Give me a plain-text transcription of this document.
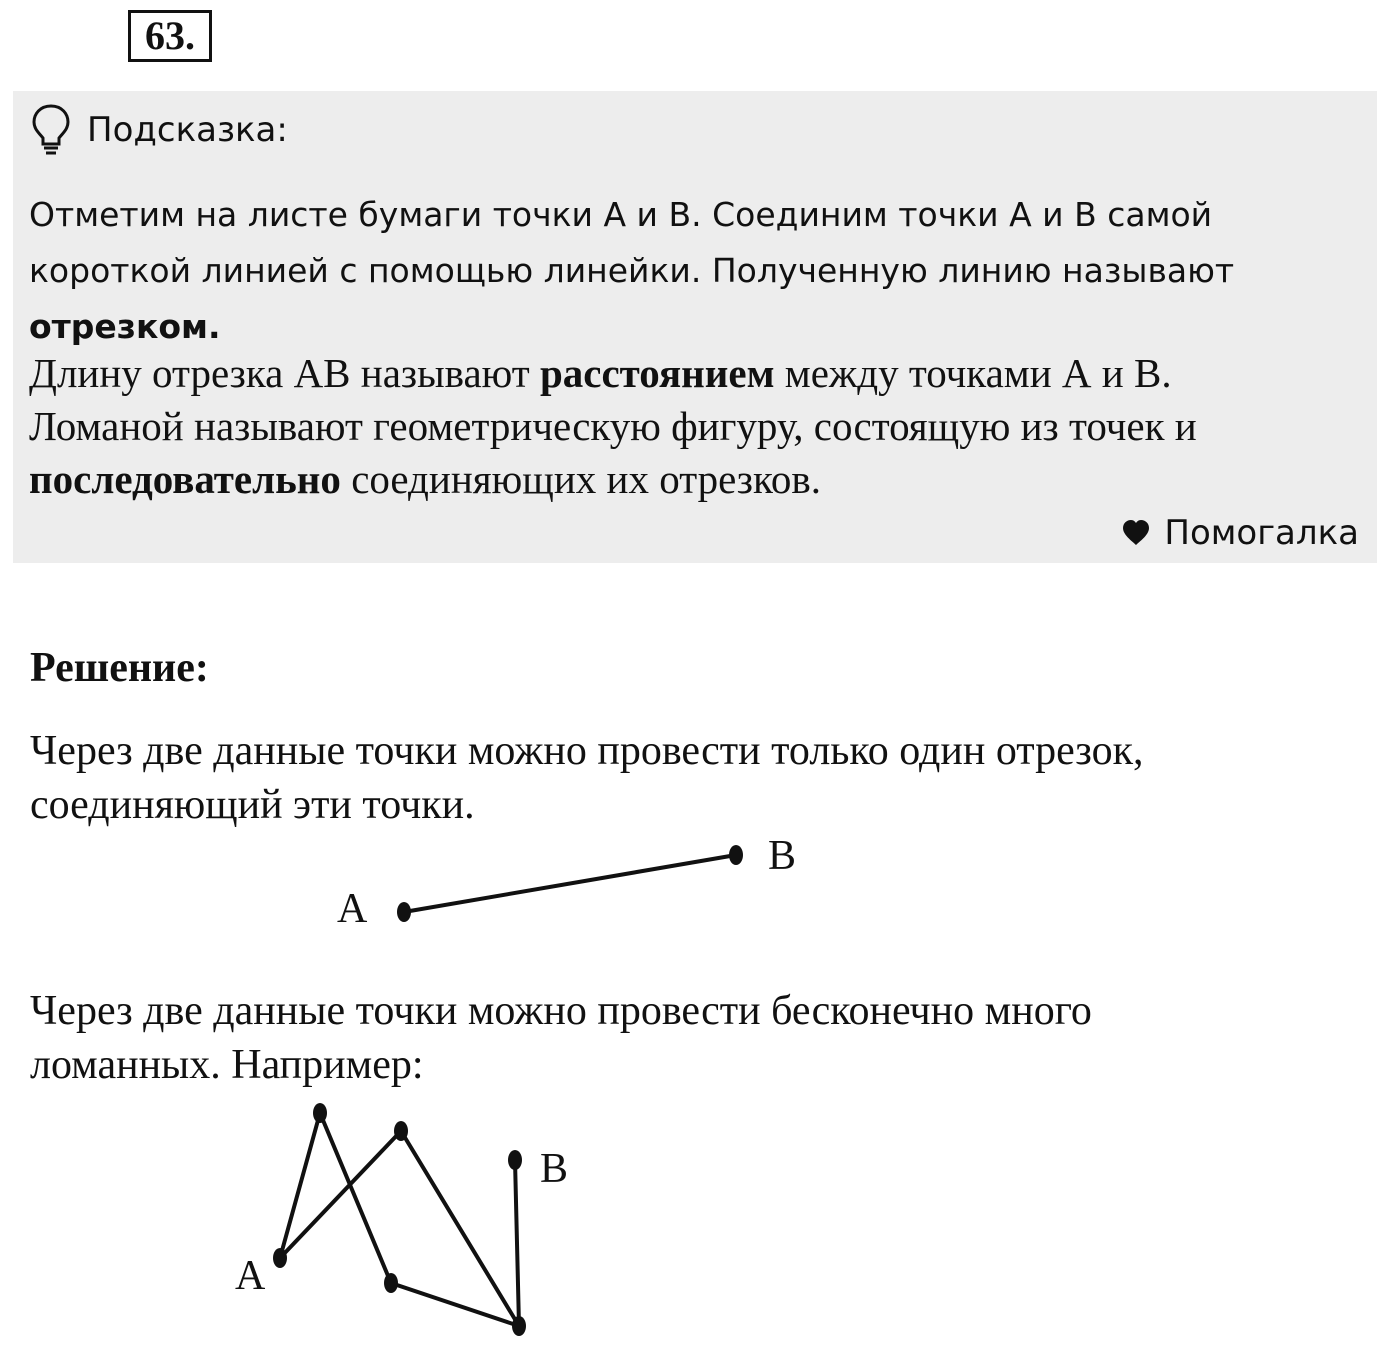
63.
Подсказка:

Отметим на листе бумаги точки А и В. Соединим точки А и В самой

короткой линией с помощью линейки. Полученную линию называют

отрезком.

Длину отрезка АВ называют расстоянием между точками А и В.

Ломаной называют геометрическую фигуру, состоящую из точек и

последовательно соединяющих их отрезков.

Помогалка
Решение:

Через две данные точки можно провести только один отрезок,
соединяющий эти точки.

А
В

Через две данные точки можно провести бесконечно много
ломанных. Например:

А
В
